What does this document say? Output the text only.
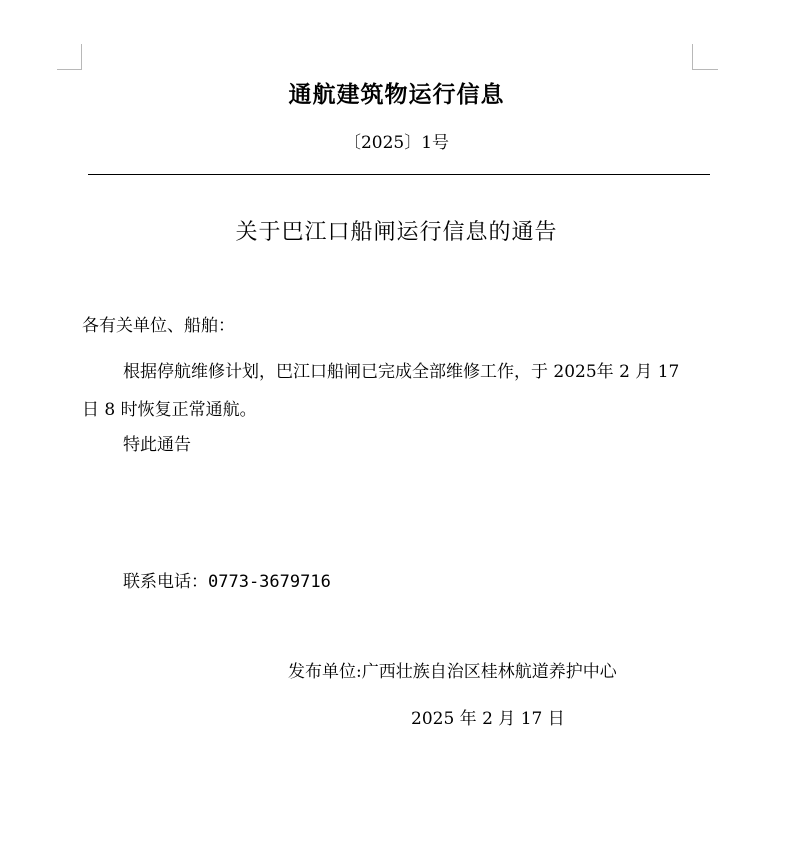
通航建筑物运行信息
〔2025〕1号
关于巴江口船闸运行信息的通告
各有关单位、船舶：

根据停航维修计划，巴江口船闸已完成全部维修工作，于 2025年 2 月 17 日 8 时恢复正常通航。

特此通告
联系电话：0773-3679716
发布单位:广西壮族自治区桂林航道养护中心
2025 年 2 月 17 日
